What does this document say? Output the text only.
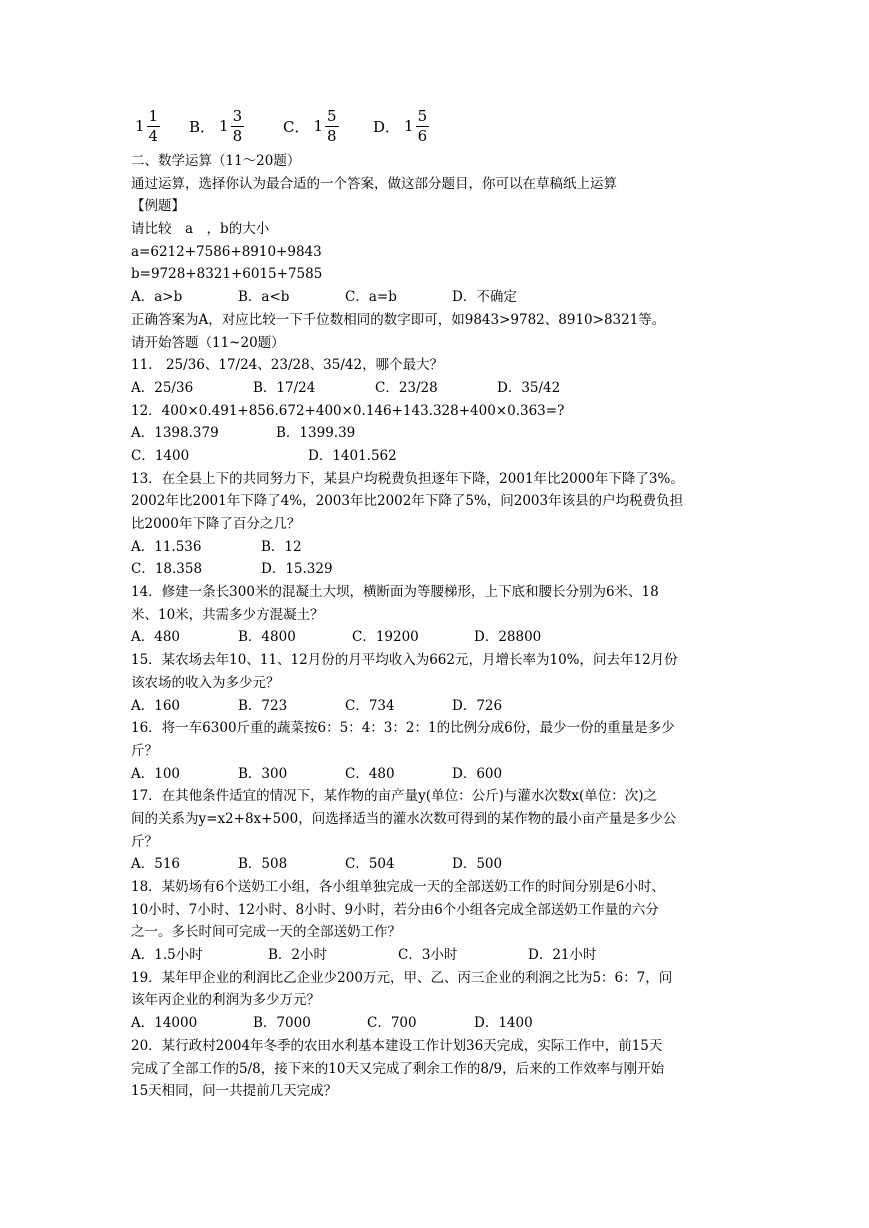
$1 \frac{1}{4}$ B． $1 \frac{3}{8}$	C． $1 \frac{5}{8}$ D． $1 \frac{5}{6}$
二、数学运算（11～20题）
通过运算，选择你认为最合适的一个答案，做这部分题目，你可以在草稿纸上运算
【例题】
请比较　a　，b的大小
a=6212+7586+8910+9843
b=9728+8321+6015+7585
A．a>b	B．a<b	C．a=b	D．不确定
正确答案为A，对应比较一下千位数相同的数字即可，如9843>9782、8910>8321等。
请开始答题（11~20题）
11.　25/36、17/24、23/28、35/42，哪个最大？
A．25/36	B．17/24	C．23/28	D．35/42
12．400×0.491+856.672+400×0.146+143.328+400×0.363=?
A．1398.379	B．1399.39
C．1400	D．1401.562
13．在全县上下的共同努力下，某县户均税费负担逐年下降，2001年比2000年下降了3%。
2002年比2001年下降了4%，2003年比2002年下降了5%，问2003年该县的户均税费负担
比2000年下降了百分之几？
A．11.536	B．12
C．18.358	D．15.329
14．修建一条长300米的混凝土大坝，横断面为等腰梯形，上下底和腰长分别为6米、18
米、10米，共需多少方混凝土？
A．480	B．4800	C．19200	D．28800
15．某农场去年10、11、12月份的月平均收入为662元，月增长率为10%，问去年12月份
该农场的收入为多少元？
A．160	B．723	C．734	D．726
16．将一车6300斤重的蔬菜按6：5：4：3：2：1的比例分成6份，最少一份的重量是多少
斤？
A．100	B．300	C．480	D．600
17．在其他条件适宜的情况下，某作物的亩产量y(单位：公斤)与灌水次数x(单位：次)之
间的关系为y=x2+8x+500，问选择适当的灌水次数可得到的某作物的最小亩产量是多少公
斤？
A．516	B．508	C．504	D．500
18．某奶场有6个送奶工小组，各小组单独完成一天的全部送奶工作的时间分别是6小时、
10小时、7小时、12小时、8小时、9小时，若分由6个小组各完成全部送奶工作量的六分
之一。多长时间可完成一天的全部送奶工作？
A．1.5小时	B．2小时	C．3小时	D．21小时
19．某年甲企业的利润比乙企业少200万元，甲、乙、丙三企业的利润之比为5：6：7，问
该年丙企业的利润为多少万元？
A．14000	B．7000	C．700	D．1400
20．某行政村2004年冬季的农田水利基本建设工作计划36天完成，实际工作中，前15天
完成了全部工作的5/8，接下来的10天又完成了剩余工作的8/9，后来的工作效率与刚开始
15天相同，问一共提前几天完成？
